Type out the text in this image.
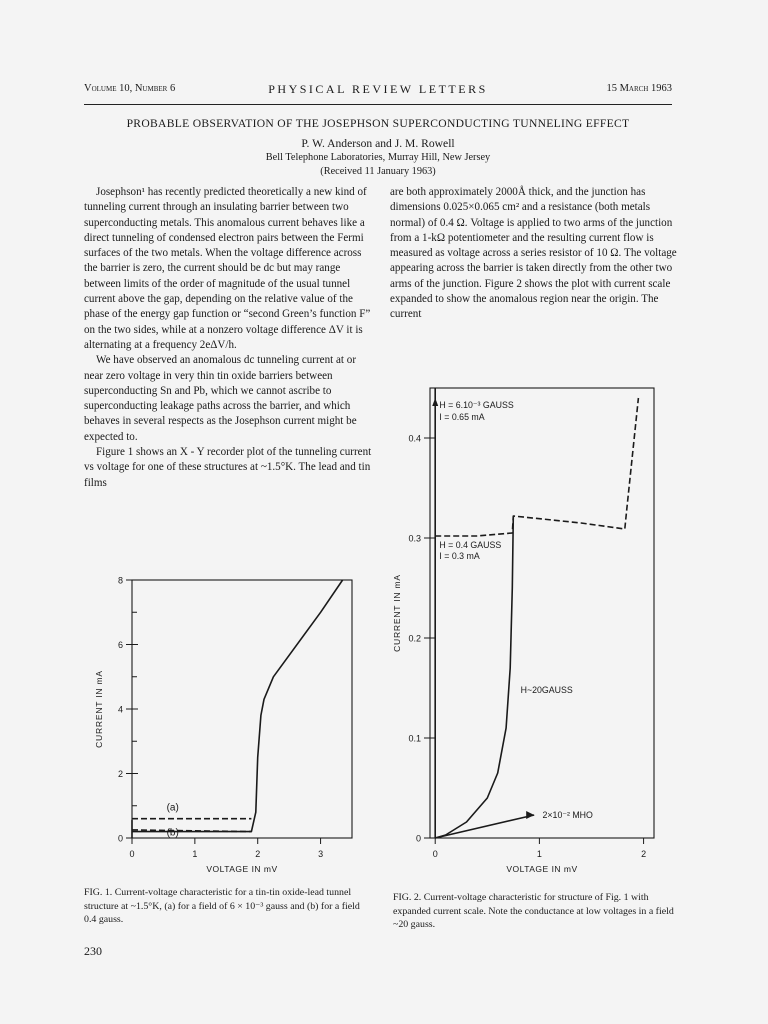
Volume 10, Number 6	PHYSICAL REVIEW LETTERS	15 March 1963
PROBABLE OBSERVATION OF THE JOSEPHSON SUPERCONDUCTING TUNNELING EFFECT
P. W. Anderson and J. M. Rowell
Bell Telephone Laboratories, Murray Hill, New Jersey
(Received 11 January 1963)

Josephson¹ has recently predicted theoretically a new kind of tunneling current through an insulating barrier between two superconducting metals. This anomalous current behaves like a direct tunneling of condensed electron pairs between the Fermi surfaces of the two metals. When the voltage difference across the barrier is zero, the current should be dc but may range between limits of the order of magnitude of the usual tunnel current above the gap, depending on the relative value of the phase of the energy gap function or “second Green’s function F” on the two sides, while at a nonzero voltage difference ΔV it is alternating at a frequency 2eΔV/h.

We have observed an anomalous dc tunneling current at or near zero voltage in very thin tin oxide barriers between superconducting Sn and Pb, which we cannot ascribe to superconducting leakage paths across the barrier, and which behaves in several respects as the Josephson current might be expected to.

Figure 1 shows an X - Y recorder plot of the tunneling current vs voltage for one of these structures at ~1.5°K. The lead and tin films

are both approximately 2000Å thick, and the junction has dimensions 0.025×0.065 cm² and a resistance (both metals normal) of 0.4 Ω. Voltage is applied to two arms of the junction from a 1-kΩ potentiometer and the resulting current flow is measured as voltage across a series resistor of 10 Ω. The voltage appearing across the barrier is taken directly from the other two arms of the junction. Figure 2 shows the plot with current scale expanded to show the anomalous region near the origin. The current

0
2
4
6
8
0	1	2	3
VOLTAGE IN mV
CURRENT IN mA
(a)
(b)
FIG. 1. Current-voltage characteristic for a tin-tin oxide-lead tunnel structure at ~1.5°K, (a) for a field of 6 × 10⁻³ gauss and (b) for a field 0.4 gauss.
0
0.1
0.2
0.3
0.4
0	1	2
VOLTAGE IN mV
CURRENT IN mA
H = 6.10⁻³ GAUSS
I = 0.65 mA
H = 0.4 GAUSS
I = 0.3 mA
H~20GAUSS
2×10⁻² MHO
FIG. 2. Current-voltage characteristic for structure of Fig. 1 with expanded current scale. Note the conductance at low voltages in a field ~20 gauss.
230
